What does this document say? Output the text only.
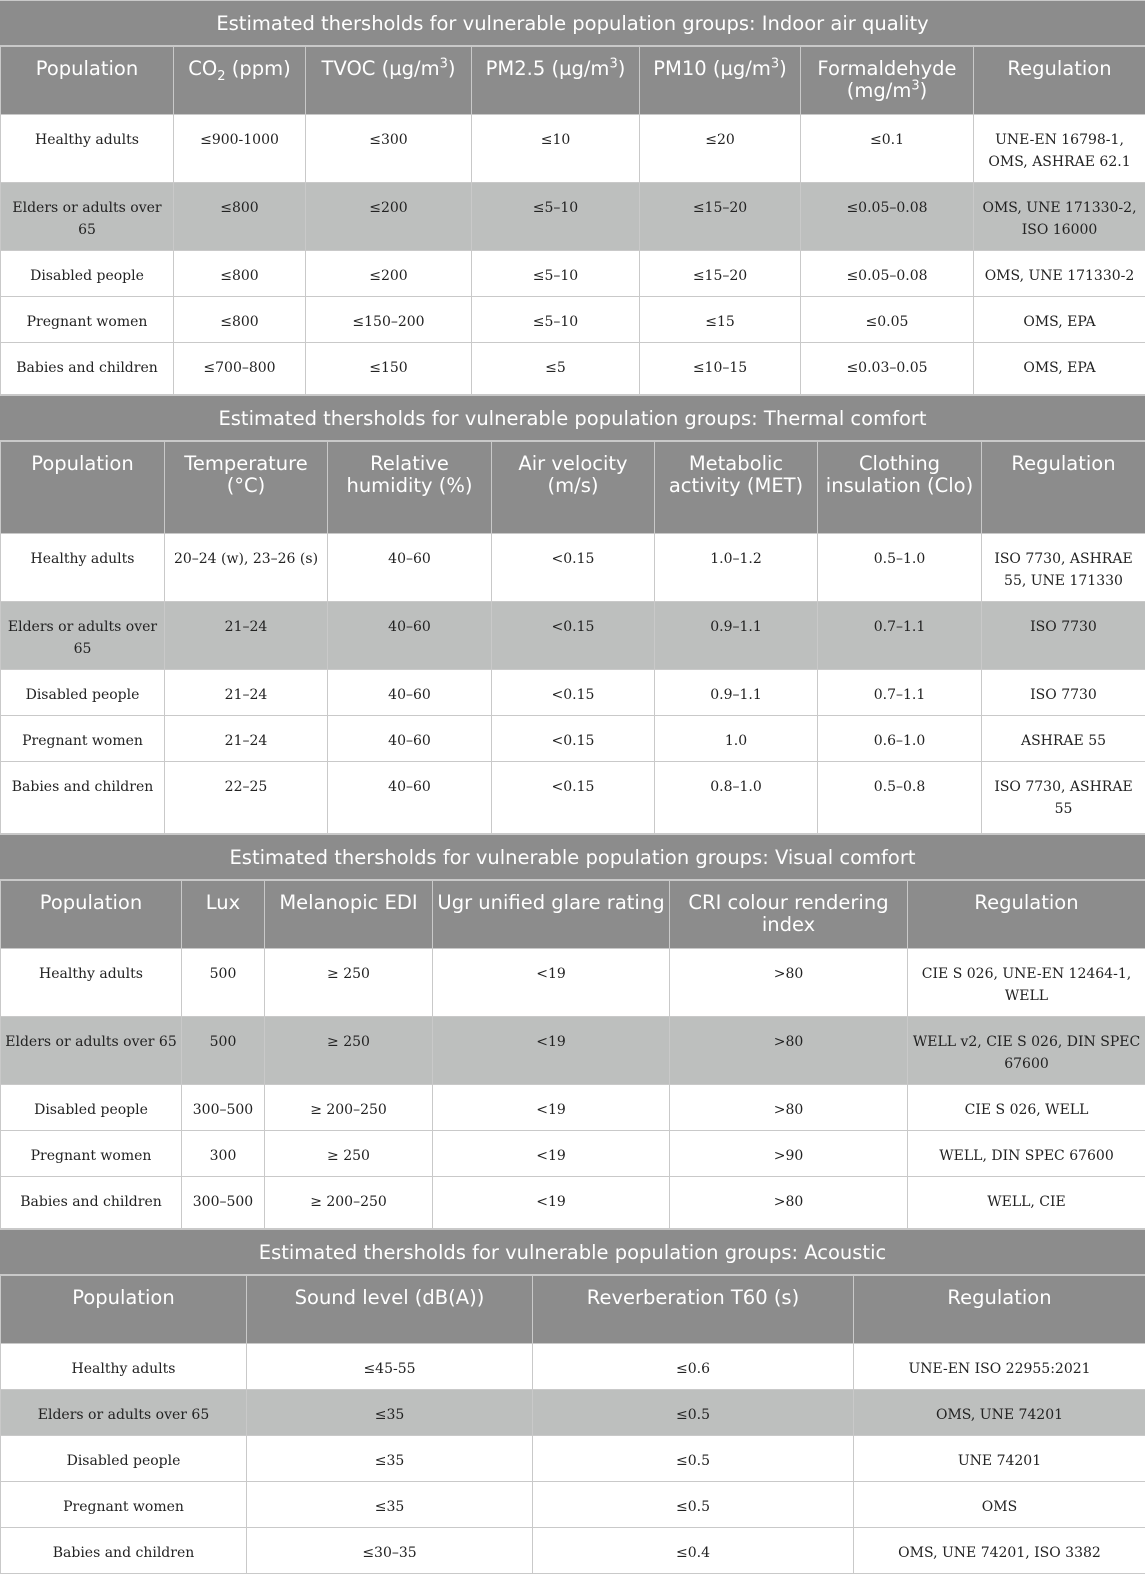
Estimated thersholds for vulnerable population groups: Indoor air quality
Population	$CO_2$ (ppm)	TVOC $(\mu g/m^3)$	PM2.5 $(\mu g/m^3)$	PM10 $(\mu g/m^3)$	Formaldehyde $(mg/m^3)$	Regulation
Healthy adults	≤900-1000	≤300	≤10	≤20	≤0.1	UNE-EN 16798-1, OMS, ASHRAE 62.1
Elders or adults over 65	≤800	≤200	≤5–10	≤15–20	≤0.05–0.08	OMS, UNE 171330-2, ISO 16000
Disabled people	≤800	≤200	≤5–10	≤15–20	≤0.05–0.08	OMS, UNE 171330-2
Pregnant women	≤800	≤150–200	≤5–10	≤15	≤0.05	OMS, EPA
Babies and children	≤700–800	≤150	≤5	≤10–15	≤0.03–0.05	OMS, EPA
Estimated thersholds for vulnerable population groups: Thermal comfort
Population	Temperature (°C)	Relative humidity (%)	Air velocity (m/s)	Metabolic activity (MET)	Clothing insulation (Clo)	Regulation
Healthy adults	20–24 (w), 23–26 (s)	40–60	<0.15	1.0–1.2	0.5–1.0	ISO 7730, ASHRAE 55, UNE 171330
Elders or adults over 65	21–24	40–60	<0.15	0.9–1.1	0.7–1.1	ISO 7730
Disabled people	21–24	40–60	<0.15	0.9–1.1	0.7–1.1	ISO 7730
Pregnant women	21–24	40–60	<0.15	1.0	0.6–1.0	ASHRAE 55
Babies and children	22–25	40–60	<0.15	0.8–1.0	0.5–0.8	ISO 7730, ASHRAE 55
Estimated thersholds for vulnerable population groups: Visual comfort
Population	Lux	Melanopic EDI	Ugr unified glare rating	CRI colour rendering index	Regulation
Healthy adults	500	≥ 250	<19	>80	CIE S 026, UNE-EN 12464-1, WELL
Elders or adults over 65	500	≥ 250	<19	>80	WELL v2, CIE S 026, DIN SPEC 67600
Disabled people	300–500	≥ 200–250	<19	>80	CIE S 026, WELL
Pregnant women	300	≥ 250	<19	>90	WELL, DIN SPEC 67600
Babies and children	300–500	≥ 200–250	<19	>80	WELL, CIE
Estimated thersholds for vulnerable population groups: Acoustic
Population	Sound level (dB(A))	Reverberation T60 (s)	Regulation
Healthy adults	≤45-55	≤0.6	UNE-EN ISO 22955:2021
Elders or adults over 65	≤35	≤0.5	OMS, UNE 74201
Disabled people	≤35	≤0.5	UNE 74201
Pregnant women	≤35	≤0.5	OMS
Babies and children	≤30–35	≤0.4	OMS, UNE 74201, ISO 3382
